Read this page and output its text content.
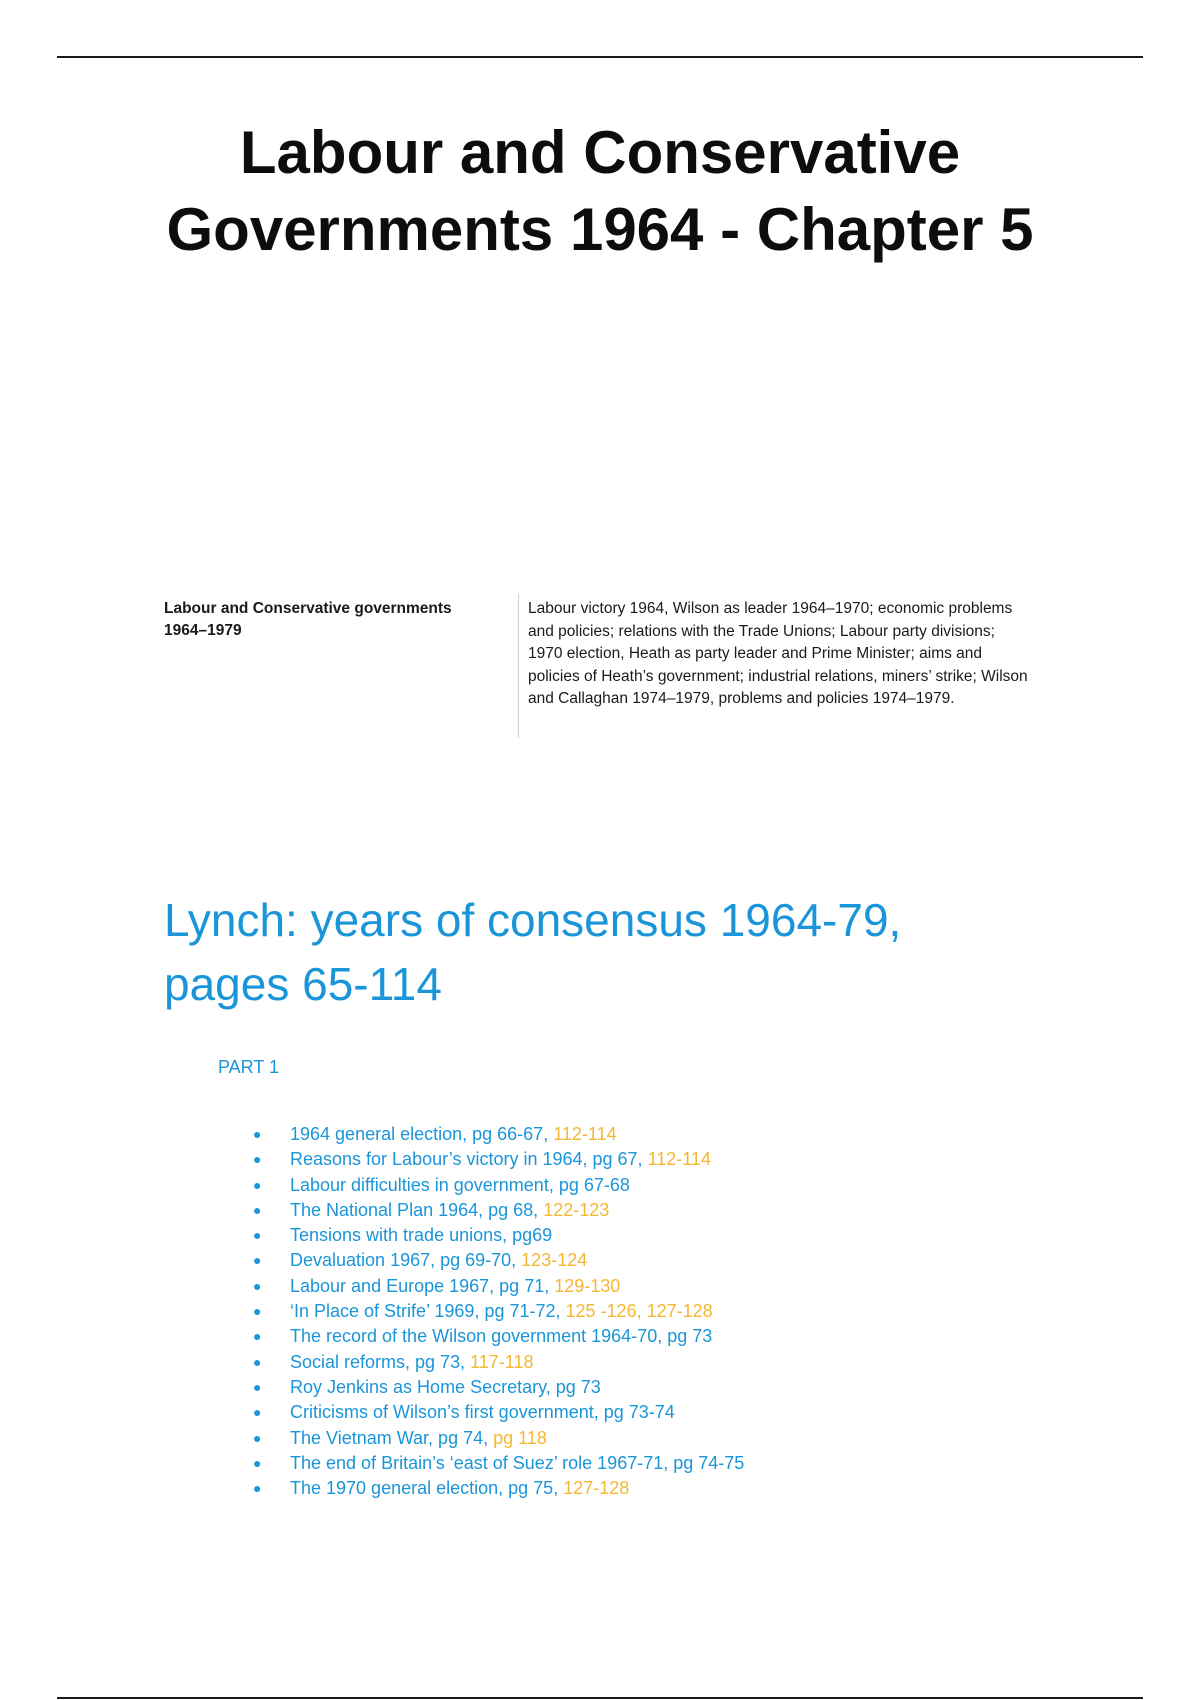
Labour and Conservative
Governments 1964 - Chapter 5
Labour and Conservative governments 1964–1979
Labour victory 1964, Wilson as leader 1964–1970; economic problems and policies; relations with the Trade Unions; Labour party divisions; 1970 election, Heath as party leader and Prime Minister; aims and policies of Heath’s government; industrial relations, miners’ strike; Wilson and Callaghan 1974–1979, problems and policies 1974–1979.
Lynch: years of consensus 1964-79,
pages 65-114
PART 1
● 1964 general election, pg 66-67, 112-114
● Reasons for Labour’s victory in 1964, pg 67, 112-114
● Labour difficulties in government, pg 67-68
● The National Plan 1964, pg 68, 122-123
● Tensions with trade unions, pg69
● Devaluation 1967, pg 69-70, 123-124
● Labour and Europe 1967, pg 71, 129-130
● ‘In Place of Strife’ 1969, pg 71-72, 125 -126, 127-128
● The record of the Wilson government 1964-70, pg 73
● Social reforms, pg 73, 117-118
● Roy Jenkins as Home Secretary, pg 73
● Criticisms of Wilson’s first government, pg 73-74
● The Vietnam War, pg 74, pg 118
● The end of Britain’s ‘east of Suez’ role 1967-71, pg 74-75
● The 1970 general election, pg 75, 127-128
